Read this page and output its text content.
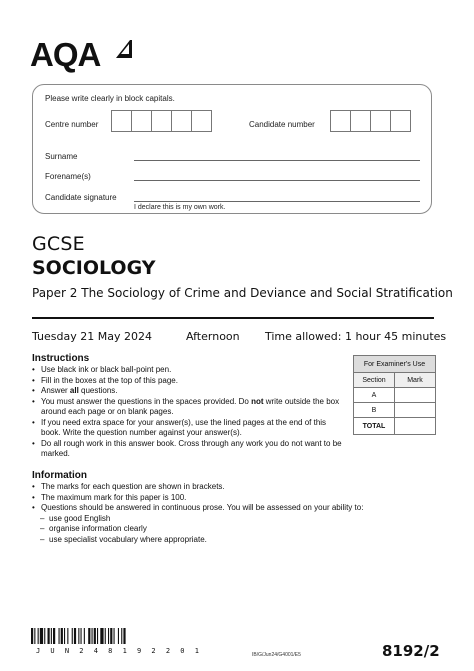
AQA
Please write clearly in block capitals.
Centre number	Candidate number
Surname
Forename(s)
Candidate signature
I declare this is my own work.
GCSE
SOCIOLOGY
Paper 2 The Sociology of Crime and Deviance and Social Stratification
Tuesday 21 May 2024	Afternoon Time allowed: 1 hour 45 minutes
Instructions
• Use black ink or black ball-point pen.
• Fill in the boxes at the top of this page.
• Answer all questions.
• You must answer the questions in the spaces provided. Do not write outside the box around each page or on blank pages.
• If you need extra space for your answer(s), use the lined pages at the end of this book. Write the question number against your answer(s).
• Do all rough work in this answer book. Cross through any work you do not want to be marked.
For Examiner's Use	
Section	Mark
A	
B	
TOTAL	
Information
• The marks for each question are shown in brackets.
• The maximum mark for this paper is 100.
• Questions should be answered in continuous prose. You will be assessed on your ability to:
– use good English
– organise information clearly
– use specialist vocabulary where appropriate.
J U N 2 4 8 1 9 2 2 0 1	IB/G/Jun24/G4001/E5	8192/2
